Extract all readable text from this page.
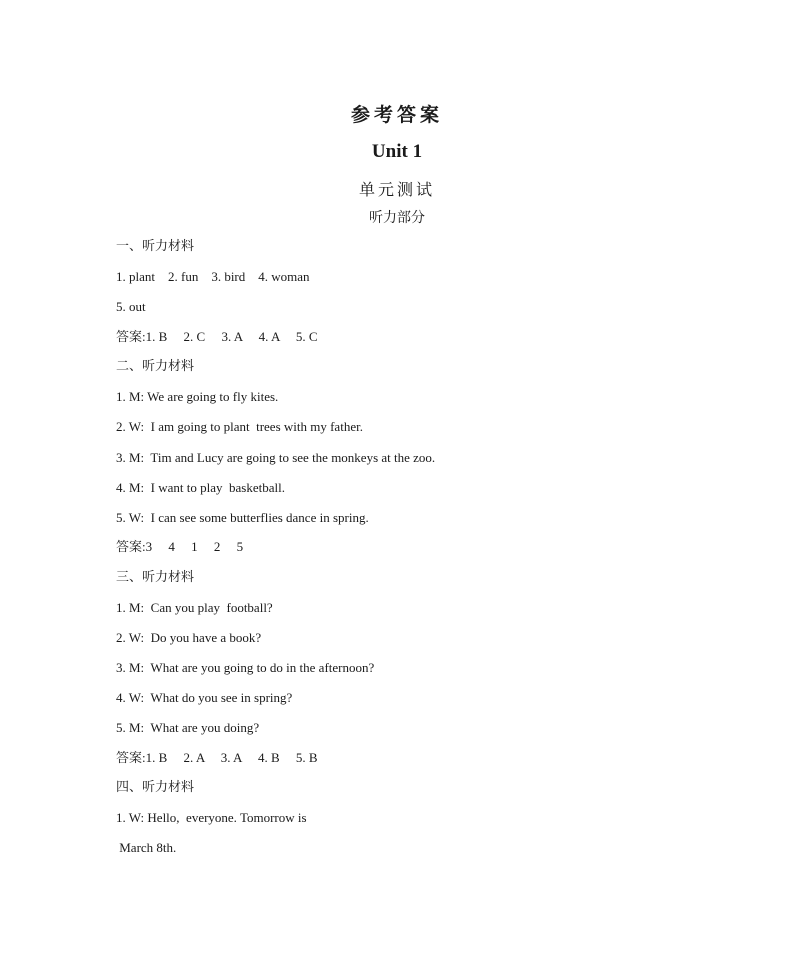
参考答案
Unit 1
单元测试
听力部分
一、听力材料
1. plant    2. fun    3. bird    4. woman
5. out
答案:1. B     2. C     3. A     4. A     5. C
二、听力材料
1. M: We are going to fly kites.
2. W:  I am going to plant  trees with my father.
3. M:  Tim and Lucy are going to see the monkeys at the zoo.
4. M:  I want to play  basketball.
5. W:  I can see some butterflies dance in spring.
答案:3     4     1     2     5
三、听力材料
1. M:  Can you play  football?
2. W:  Do you have a book?
3. M:  What are you going to do in the afternoon?
4. W:  What do you see in spring?
5. M:  What are you doing?
答案:1. B     2. A     3. A     4. B     5. B
四、听力材料
1. W: Hello,  everyone. Tomorrow is
March 8th.
